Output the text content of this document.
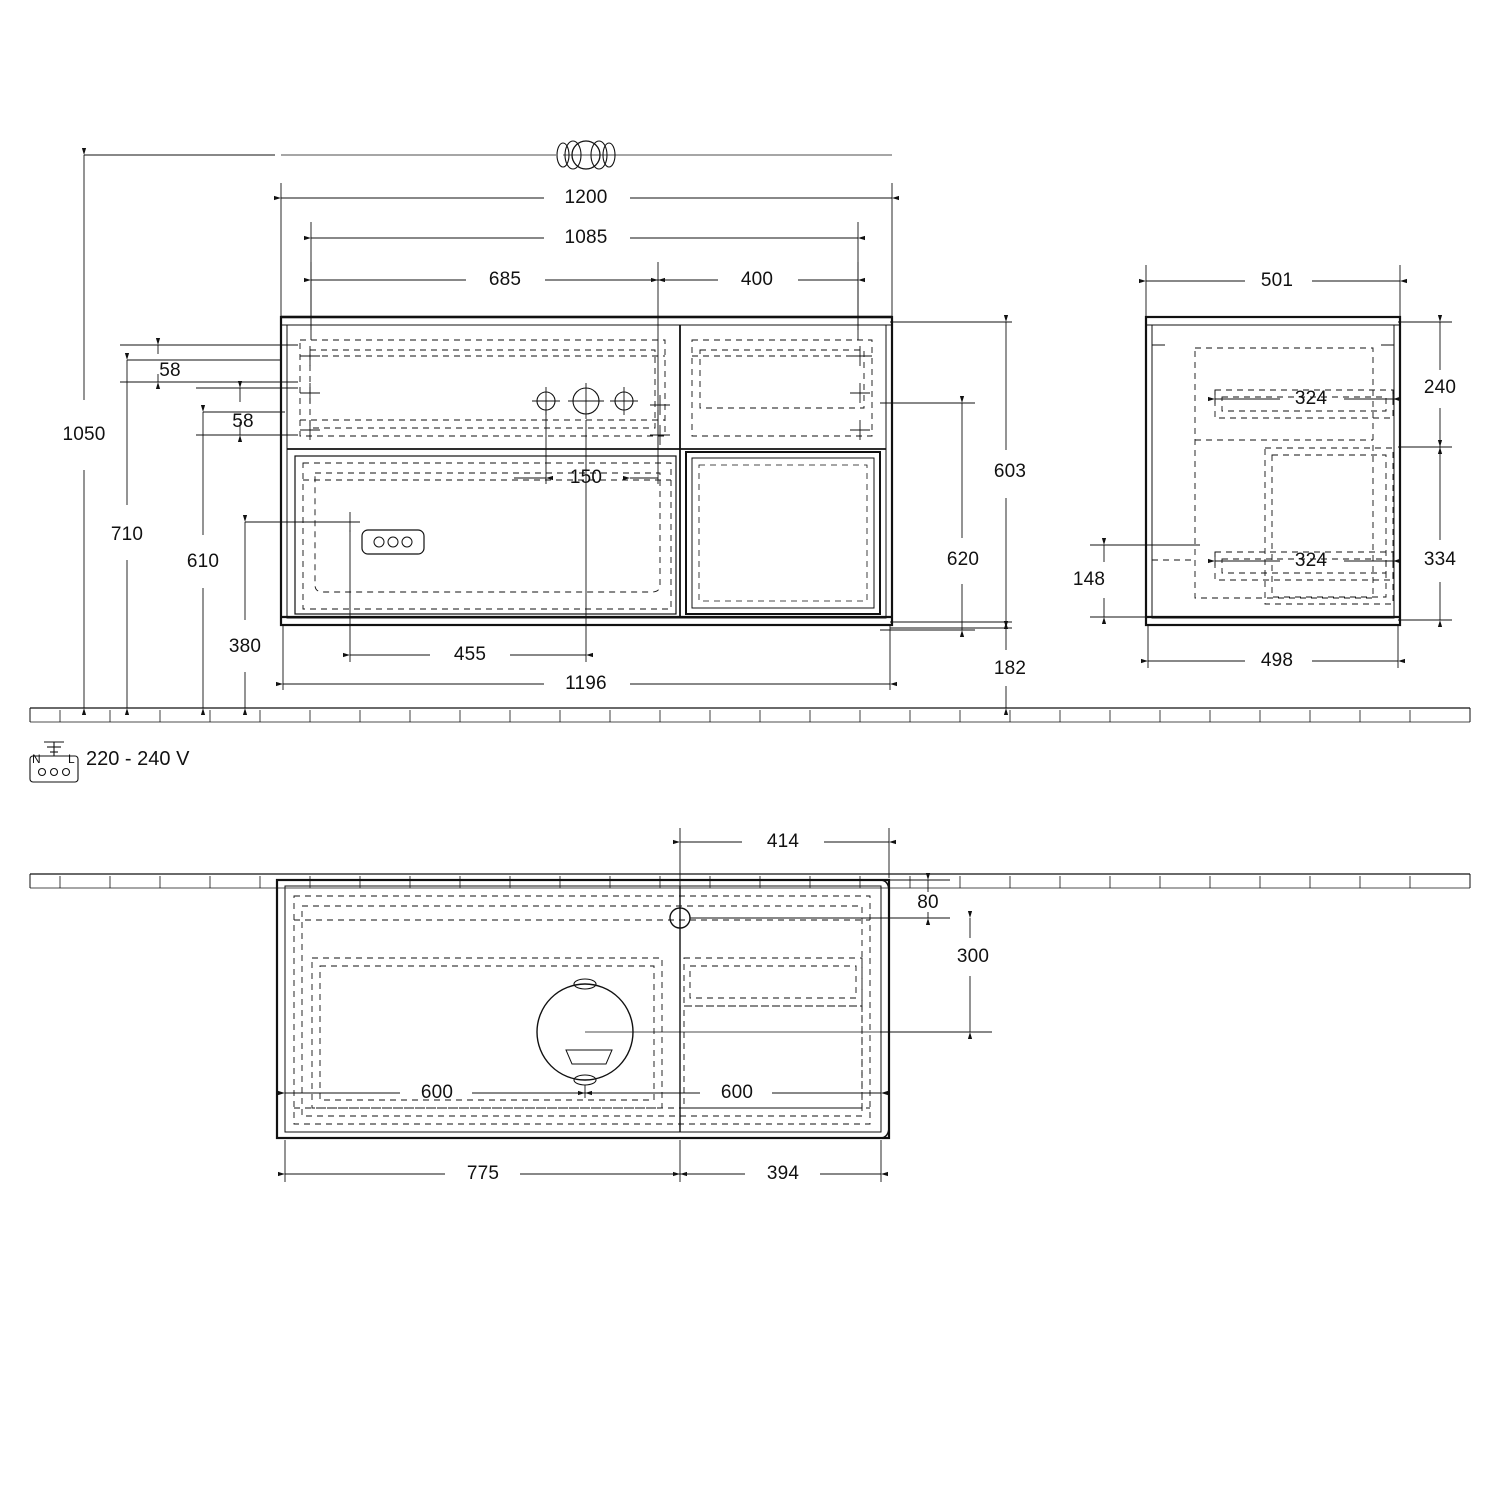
1050
710
610
380
58
58
1200
1085
685	400
150
455
1196
603
620
182
501
324
240
334
324
148
498
414
80
300
600	600
775	394
220 - 240 V
N L
